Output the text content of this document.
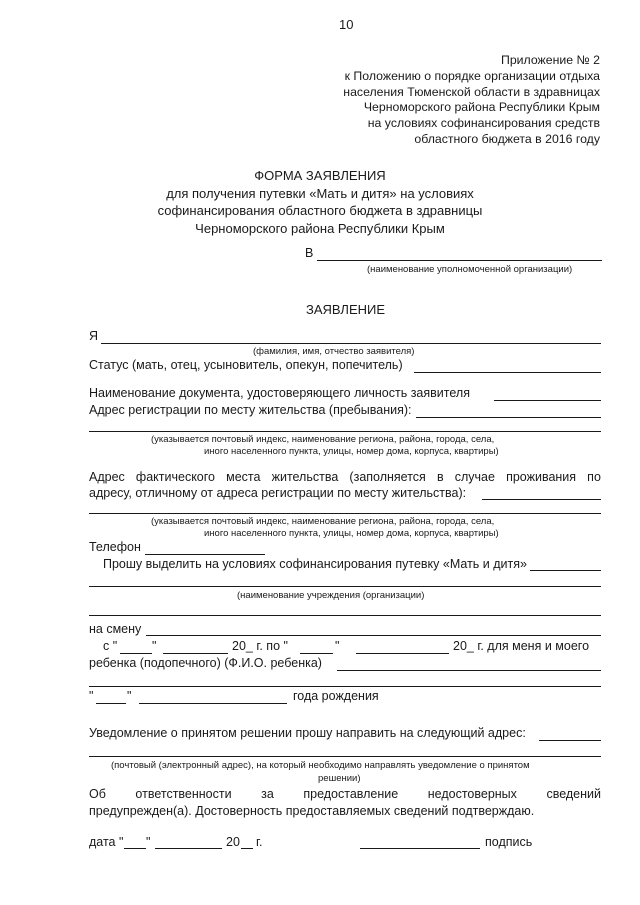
10
Приложение № 2
к Положению о порядке организации отдыха
населения Тюменской области в здравницах
Черноморского района Республики Крым
на условиях софинансирования средств
областного бюджета в 2016 году
ФОРМА ЗАЯВЛЕНИЯ
для получения путевки «Мать и дитя» на условиях
софинансирования областного бюджета в здравницы
Черноморского района Республики Крым
В
(наименование уполномоченной организации)
ЗАЯВЛЕНИЕ
Я
(фамилия, имя, отчество заявителя)
Статус (мать, отец, усыновитель, опекун, попечитель)
Наименование документа, удостоверяющего личность заявителя
Адрес регистрации по месту жительства (пребывания):
(указывается почтовый индекс, наименование региона, района, города, села,
иного населенного пункта, улицы, номер дома, корпуса, квартиры)
Адрес фактического места жительства (заполняется в случае проживания по
адресу, отличному от адреса регистрации по месту жительства):
(указывается почтовый индекс, наименование региона, района, города, села,
иного населенного пункта, улицы, номер дома, корпуса, квартиры)
Телефон
Прошу выделить на условиях софинансирования путевку «Мать и дитя»
(наименование учреждения (организации)
на смену
с "	"	20_ г. по "	"	20_ г. для меня и моего
ребенка (подопечного) (Ф.И.О. ребенка)
"	"	года рождения
Уведомление о принятом решении прошу направить на следующий адрес:
(почтовый (электронный адрес), на который необходимо направлять уведомление о принятом
решении)
Об ответственности за предоставление недостоверных сведений
предупрежден(а). Достоверность предоставляемых сведений подтверждаю.
дата " "	20 г.	подпись
